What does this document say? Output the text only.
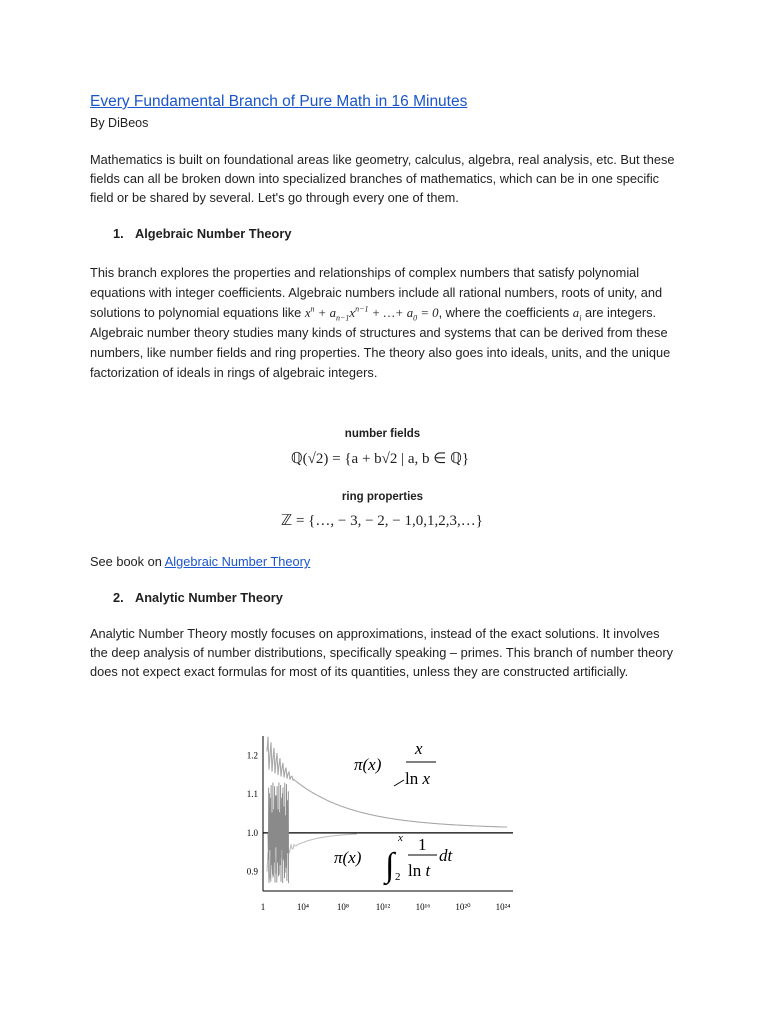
Every Fundamental Branch of Pure Math in 16 Minutes
By DiBeos

Mathematics is built on foundational areas like geometry, calculus, algebra, real analysis, etc. But these fields can all be broken down into specialized branches of mathematics, which can be in one specific field or be shared by several. Let's go through every one of them.

1. Algebraic Number Theory

This branch explores the properties and relationships of complex numbers that satisfy polynomial equations with integer coefficients. Algebraic numbers include all rational numbers, roots of unity, and solutions to polynomial equations like $x^n + a_{n-1}x^{n-1}$ + …+ $a_0 = 0$, where the coefficients $a_i$ are integers. Algebraic number theory studies many kinds of structures and systems that can be derived from these numbers, like number fields and ring properties. The theory also goes into ideals, units, and the unique factorization of ideals in rings of algebraic integers.

number fields
ℚ(√2) = {a + b√2 | a, b ∈ ℚ}
ring properties
ℤ = {…, − 3, − 2, − 1,0,1,2,3,…}
See book on Algebraic Number Theory
2. Analytic Number Theory

Analytic Number Theory mostly focuses on approximations, instead of the exact solutions. It involves the deep analysis of number distributions, specifically speaking – primes. This branch of number theory does not expect exact formulas for most of its quantities, unless they are constructed artificially.

1.2
1.1
1.0
0.9
1	10⁴	10⁸	10¹²	10¹⁶	10²⁰	10²⁴
π(x)
x
ln x
π(x) ∫
x
2
1
ln t
dt
